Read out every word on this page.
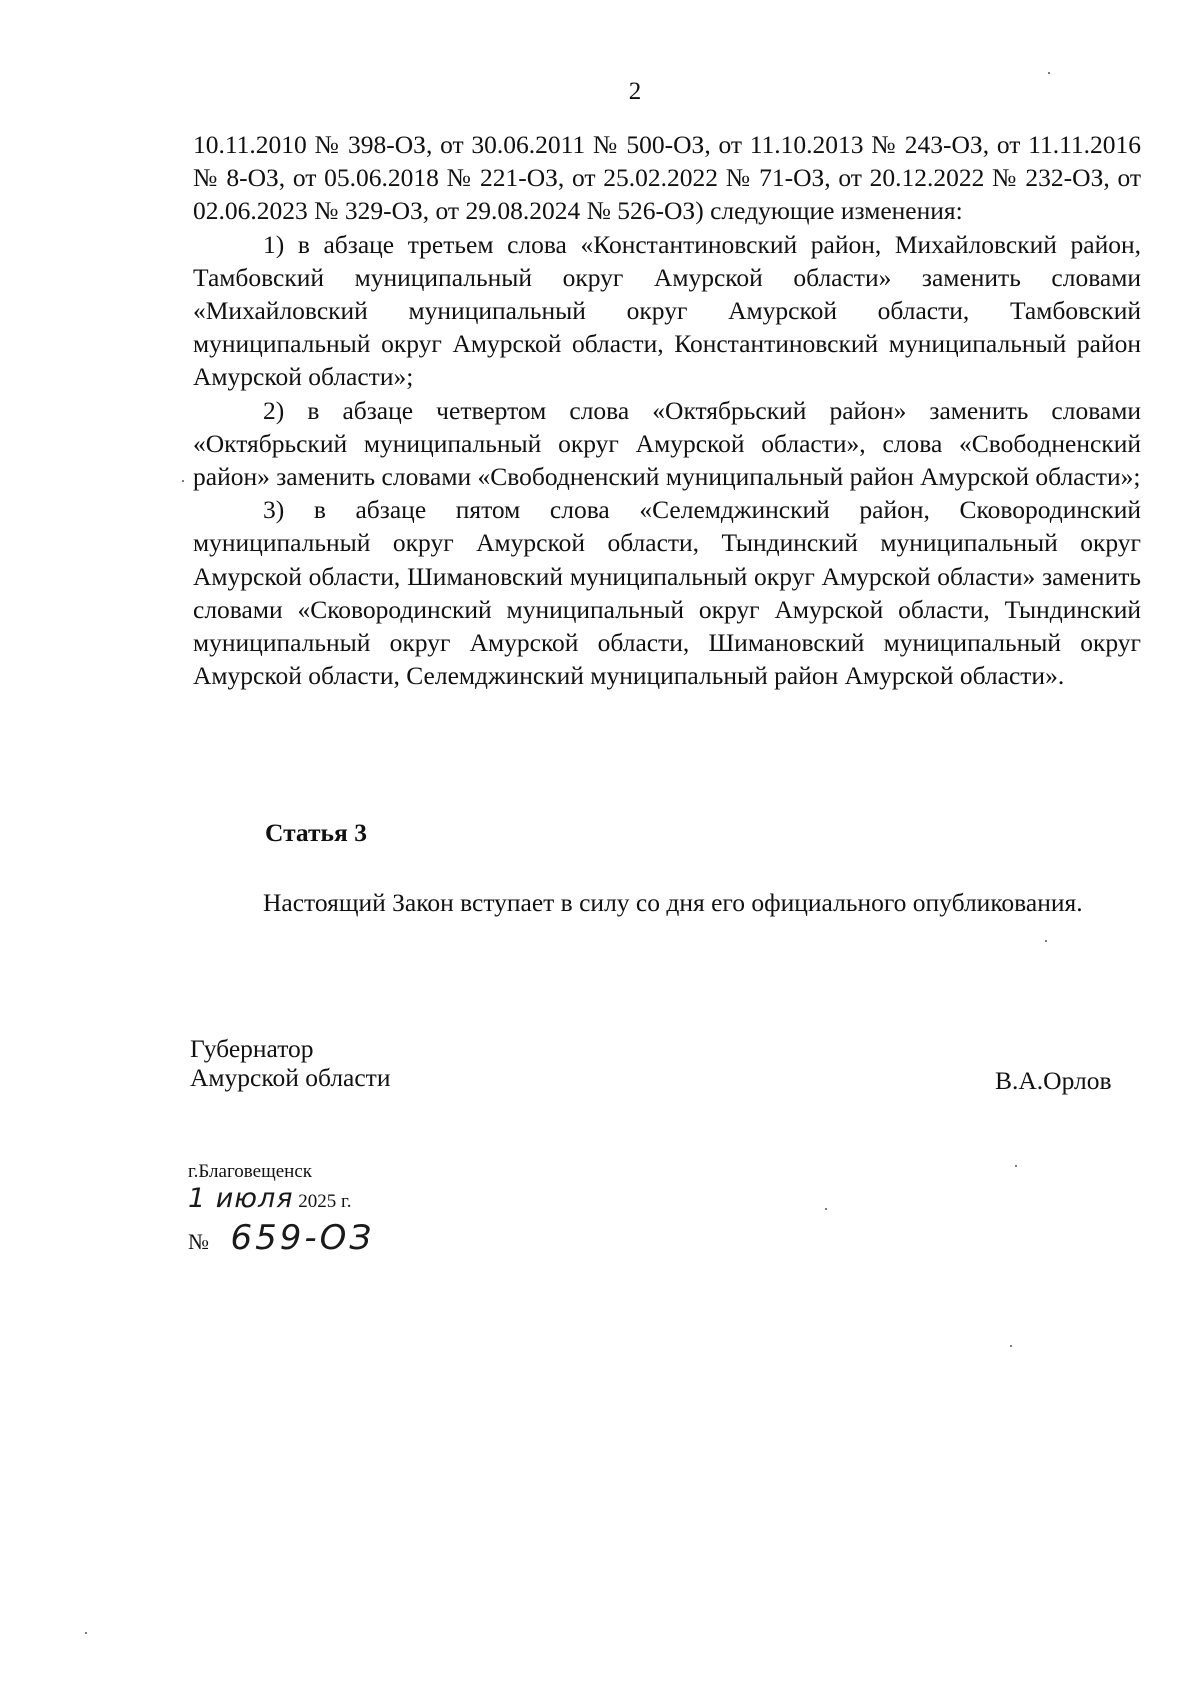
2

10.11.2010 № 398-ОЗ, от 30.06.2011 № 500-ОЗ, от 11.10.2013 № 243-ОЗ, от 11.11.2016 № 8-ОЗ, от 05.06.2018 № 221-ОЗ, от 25.02.2022 № 71-ОЗ, от 20.12.2022 № 232-ОЗ, от 02.06.2023 № 329-ОЗ, от 29.08.2024 № 526-ОЗ) следующие изменения:

1) в абзаце третьем слова «Константиновский район, Михайловский район, Тамбовский муниципальный округ Амурской области» заменить словами «Михайловский муниципальный округ Амурской области, Тамбовский муниципальный округ Амурской области, Константиновский муниципальный район Амурской области»;

2) в абзаце четвертом слова «Октябрьский район» заменить словами «Октябрьский муниципальный округ Амурской области», слова «Свободненский район» заменить словами «Свободненский муниципальный район Амурской области»;

3) в абзаце пятом слова «Селемджинский район, Сковородинский муниципальный округ Амурской области, Тындинский муниципальный округ Амурской области, Шимановский муниципальный округ Амурской области» заменить словами «Сковородинский муниципальный округ Амурской области, Тындинский муниципальный округ Амурской области, Шимановский муниципальный округ Амурской области, Селемджинский муниципальный район Амурской области».

Статья 3

Настоящий Закон вступает в силу со дня его официального опубликования.

Губернатор
Амурской области	В.А.Орлов
г.Благовещенск
1 июля 2025 г.
№ 659-ОЗ
